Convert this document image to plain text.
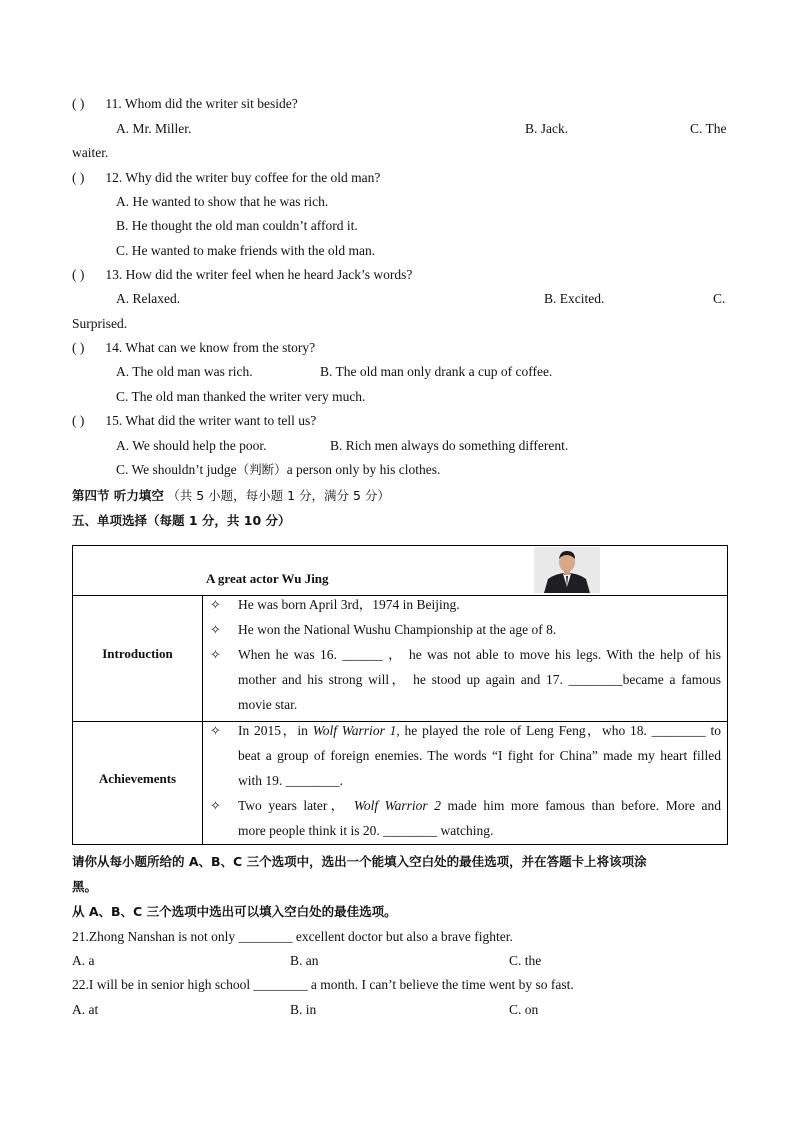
( ) 11. Whom did the writer sit beside?
A. Mr. Miller.	B. Jack.	C. The
waiter.
( ) 12. Why did the writer buy coffee for the old man?
A. He wanted to show that he was rich.
B. He thought the old man couldn’t afford it.
C. He wanted to make friends with the old man.
( ) 13. How did the writer feel when he heard Jack’s words?
A. Relaxed.	B. Excited.	C.
Surprised.
( ) 14. What can we know from the story?
A. The old man was rich.	B. The old man only drank a cup of coffee.
C. The old man thanked the writer very much.
( ) 15. What did the writer want to tell us?
A. We should help the poor.	B. Rich men always do something different.
C. We shouldn’t judge（判断）a person only by his clothes.
第四节 听力填空 （共 5 小题，每小题 1 分，满分 5 分）
五、单项选择（每题 1 分，共 10 分）
A great actor Wu Jing
Introduction
✧ He was born April 3rd，1974 in Beijing.
✧ He won the National Wushu Championship at the age of 8.
✧ When he was 16. ______ ， he was not able to move his legs. With the help of his
mother and his strong will， he stood up again and 17. ________became a famous
movie star.
Achievements
✧ In 2015，in Wolf Warrior 1, he played the role of Leng Feng，who 18. ________ to
beat a group of foreign enemies. The words “I fight for China” made my heart filled
with 19. ________.
✧ Two years later， Wolf Warrior 2 made him more famous than before. More and
more people think it is 20. ________ watching.
请你从每小题所给的 A、B、C 三个选项中，选出一个能填入空白处的最佳选项，并在答题卡上将该项涂
黑。
从 A、B、C 三个选项中选出可以填入空白处的最佳选项。
21.Zhong Nanshan is not only ________ excellent doctor but also a brave fighter.
A. a	B. an	C. the
22.I will be in senior high school ________ a month. I can’t believe the time went by so fast.
A. at	B. in	C. on
